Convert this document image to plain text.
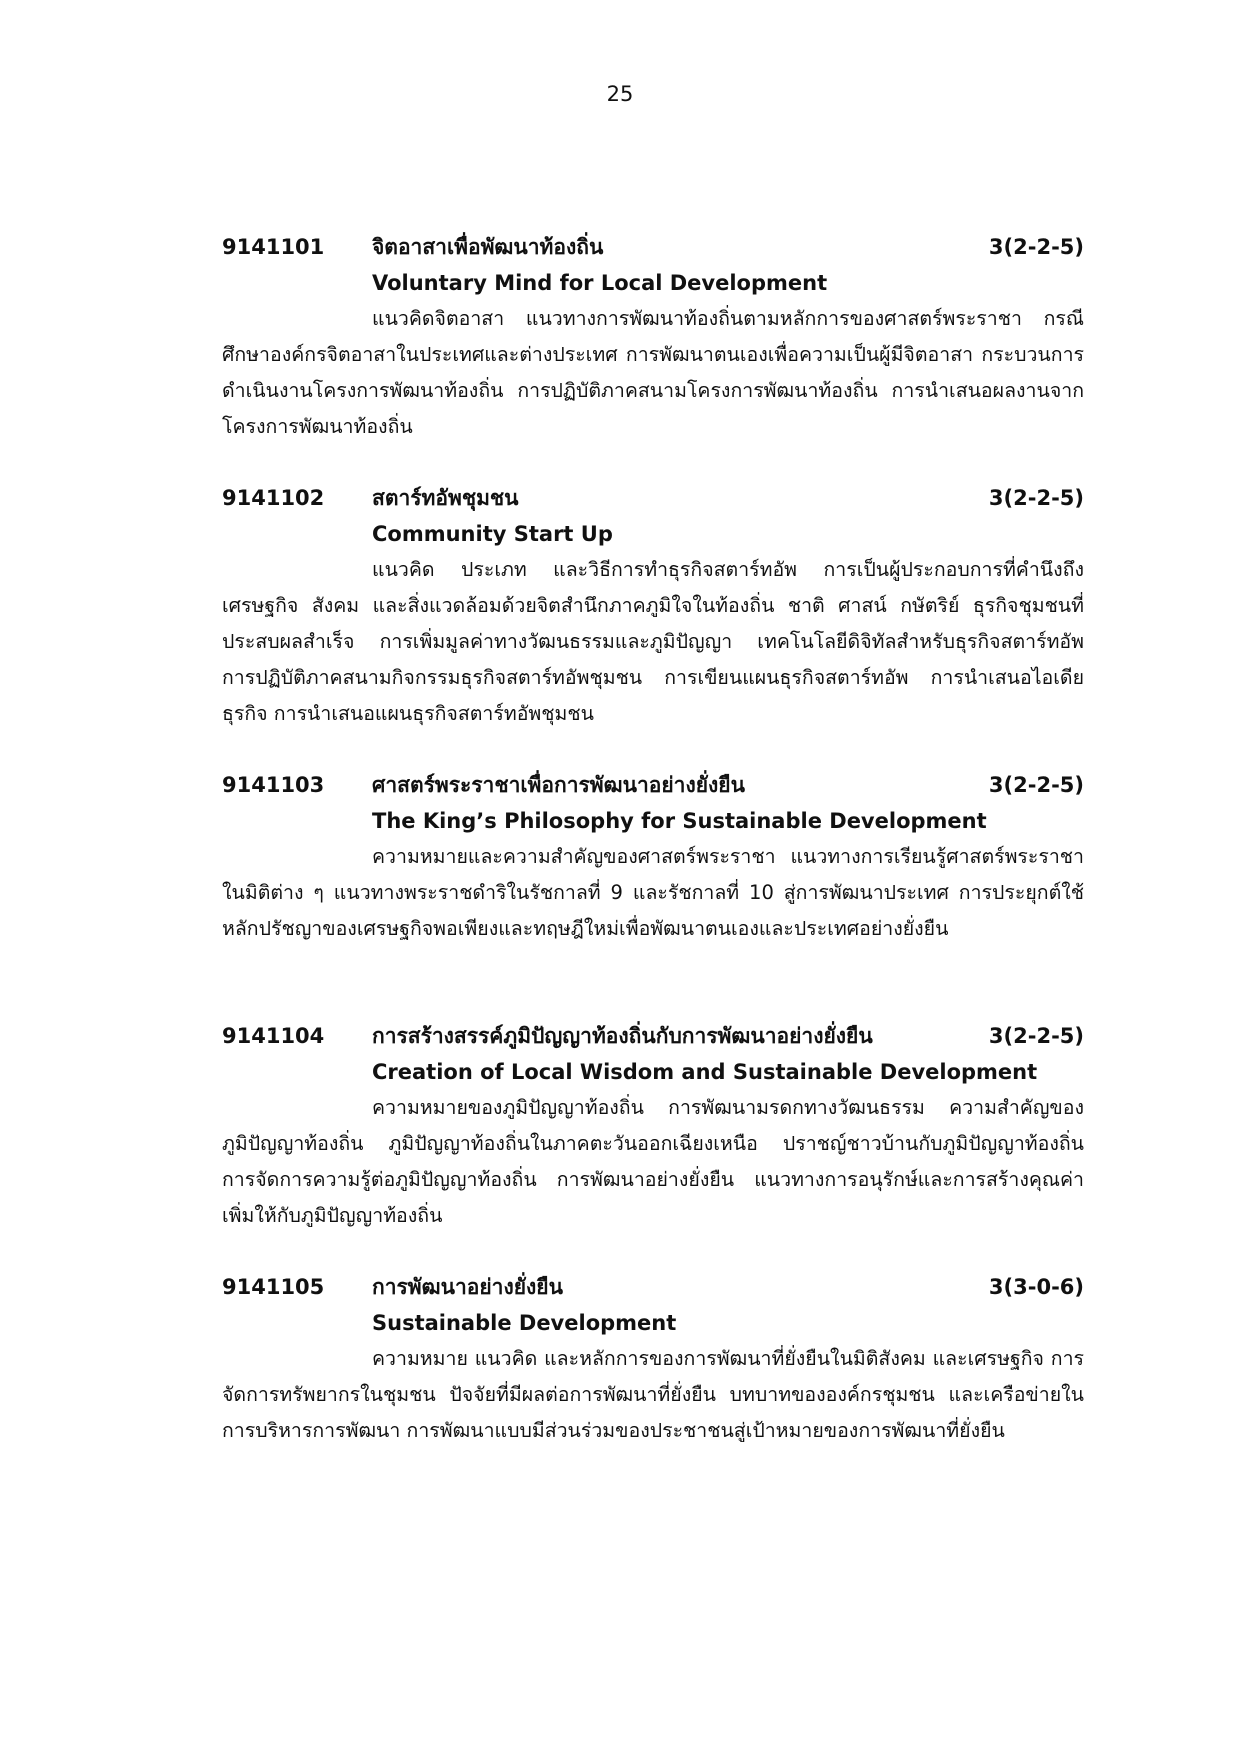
25
9141101 จิตอาสาเพื่อพัฒนาท้องถิ่น	3(2-2-5)
Voluntary Mind for Local Development

แนวคิดจิตอาสา แนวทางการพัฒนาท้องถิ่นตามหลักการของศาสตร์พระราชา กรณีศึกษาองค์กรจิตอาสาในประเทศและต่างประเทศ การพัฒนาตนเองเพื่อความเป็นผู้มีจิตอาสา กระบวนการดำเนินงานโครงการพัฒนาท้องถิ่น การปฏิบัติภาคสนามโครงการพัฒนาท้องถิ่น การนำเสนอผลงานจากโครงการพัฒนาท้องถิ่น

9141102 สตาร์ทอัพชุมชน	3(2-2-5)
Community Start Up

แนวคิด ประเภท และวิธีการทำธุรกิจสตาร์ทอัพ การเป็นผู้ประกอบการที่คำนึงถึงเศรษฐกิจ สังคม และสิ่งแวดล้อมด้วยจิตสำนึกภาคภูมิใจในท้องถิ่น ชาติ ศาสน์ กษัตริย์ ธุรกิจชุมชนที่ประสบผลสำเร็จ การเพิ่มมูลค่าทางวัฒนธรรมและภูมิปัญญา เทคโนโลยีดิจิทัลสำหรับธุรกิจสตาร์ทอัพ การปฏิบัติภาคสนามกิจกรรมธุรกิจสตาร์ทอัพชุมชน การเขียนแผนธุรกิจสตาร์ทอัพ การนำเสนอไอเดียธุรกิจ การนำเสนอแผนธุรกิจสตาร์ทอัพชุมชน

9141103 ศาสตร์พระราชาเพื่อการพัฒนาอย่างยั่งยืน	3(2-2-5)
The King’s Philosophy for Sustainable Development

ความหมายและความสำคัญของศาสตร์พระราชา แนวทางการเรียนรู้ศาสตร์พระราชาในมิติต่าง ๆ แนวทางพระราชดำริในรัชกาลที่ 9 และรัชกาลที่ 10 สู่การพัฒนาประเทศ การประยุกต์ใช้หลักปรัชญาของเศรษฐกิจพอเพียงและทฤษฎีใหม่เพื่อพัฒนาตนเองและประเทศอย่างยั่งยืน

9141104 การสร้างสรรค์ภูมิปัญญาท้องถิ่นกับการพัฒนาอย่างยั่งยืน	3(2-2-5)
Creation of Local Wisdom and Sustainable Development

ความหมายของภูมิปัญญาท้องถิ่น การพัฒนามรดกทางวัฒนธรรม ความสำคัญของภูมิปัญญาท้องถิ่น ภูมิปัญญาท้องถิ่นในภาคตะวันออกเฉียงเหนือ ปราชญ์ชาวบ้านกับภูมิปัญญาท้องถิ่น การจัดการความรู้ต่อภูมิปัญญาท้องถิ่น การพัฒนาอย่างยั่งยืน แนวทางการอนุรักษ์และการสร้างคุณค่าเพิ่มให้กับภูมิปัญญาท้องถิ่น

9141105 การพัฒนาอย่างยั่งยืน	3(3-0-6)
Sustainable Development

ความหมาย แนวคิด และหลักการของการพัฒนาที่ยั่งยืนในมิติสังคม และเศรษฐกิจ การจัดการทรัพยากรในชุมชน ปัจจัยที่มีผลต่อการพัฒนาที่ยั่งยืน บทบาทขององค์กรชุมชน และเครือข่ายในการบริหารการพัฒนา การพัฒนาแบบมีส่วนร่วมของประชาชนสู่เป้าหมายของการพัฒนาที่ยั่งยืน
